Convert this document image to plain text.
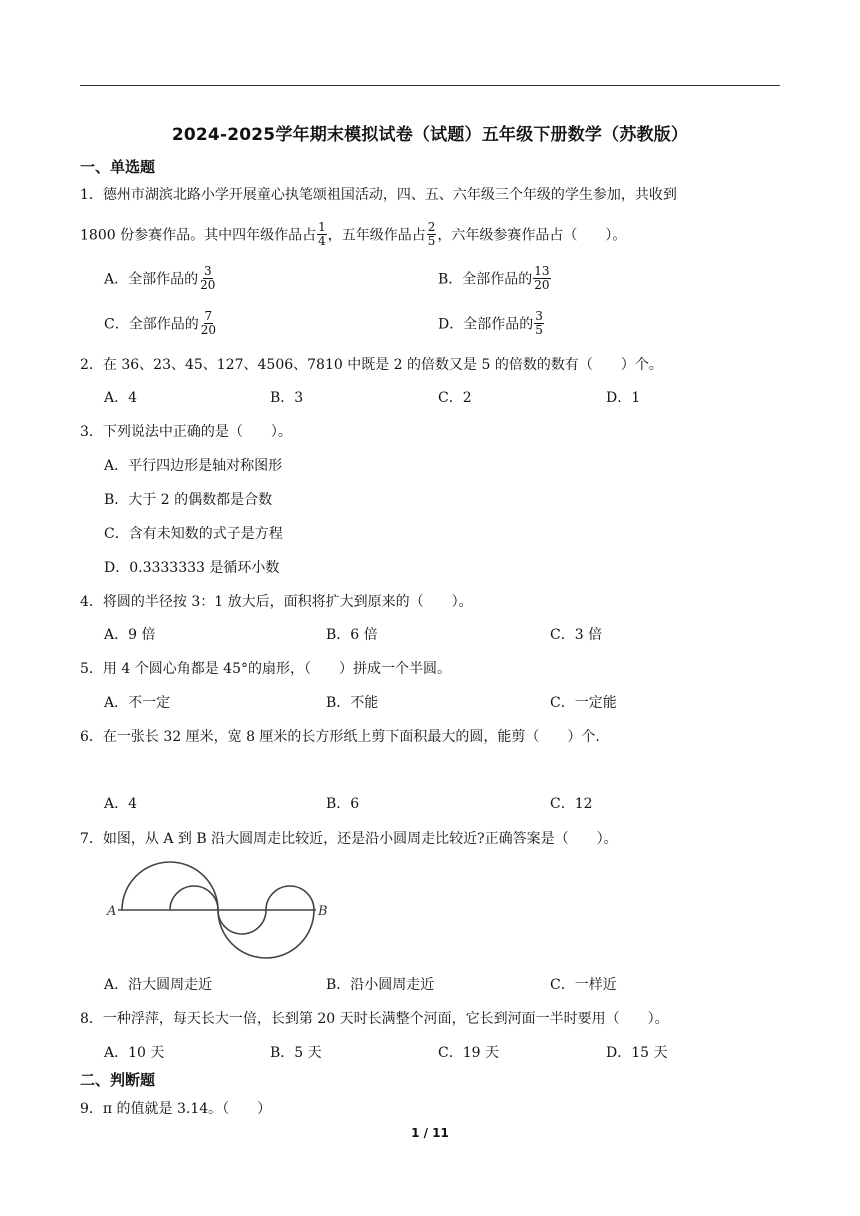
2024-2025学年期末模拟试卷（试题）五年级下册数学（苏教版）
一、单选题
1．德州市湖滨北路小学开展童心执笔颂祖国活动，四、五、六年级三个年级的学生参加，共收到
1800 份参赛作品。其中四年级作品占 $\frac{1}{4}$ ，五年级作品占 $\frac{2}{5}$ ，六年级参赛作品占（　　）。
A．全部作品的 $\frac{3}{20}$	B．全部作品的 $\frac{13}{20}$
C．全部作品的 $\frac{7}{20}$	D．全部作品的 $\frac{3}{5}$
2．在 36、23、45、127、4506、7810 中既是 2 的倍数又是 5 的倍数的数有（　　）个。
A．4	B．3	C．2	D．1
3．下列说法中正确的是（　　）。
A．平行四边形是轴对称图形
B．大于 2 的偶数都是合数
C．含有未知数的式子是方程
D．0.3333333 是循环小数
4．将圆的半径按 3：1 放大后，面积将扩大到原来的（　　）。
A．9 倍	B．6 倍	C．3 倍
5．用 4 个圆心角都是 45°的扇形，（　　）拼成一个半圆。
A．不一定	B．不能	C．一定能
6．在一张长 32 厘米，宽 8 厘米的长方形纸上剪下面积最大的圆，能剪（　　）个.
A．4	B．6	C．12
7．如图，从 A 到 B 沿大圆周走比较近，还是沿小圆周走比较近?正确答案是（　　）。
A	B
A．沿大圆周走近	B．沿小圆周走近	C．一样近
8．一种浮萍，每天长大一倍，长到第 20 天时长满整个河面，它长到河面一半时要用（　　）。
A．10 天	B．5 天	C．19 天	D．15 天
二、判断题
9．π 的值就是 3.14。（　　）
1 / 11
